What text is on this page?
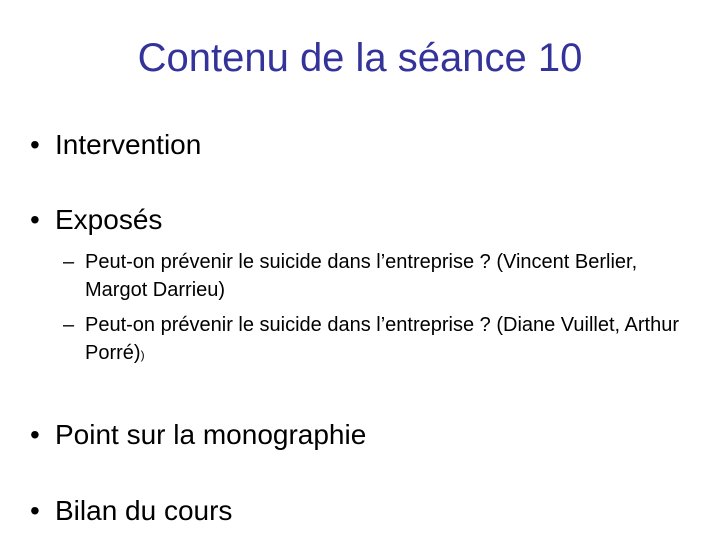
Contenu de la séance 10
• Intervention
• Exposés
– Peut-on prévenir le suicide dans l’entreprise ? (Vincent Berlier, Margot Darrieu)
– Peut-on prévenir le suicide dans l’entreprise ? (Diane Vuillet, Arthur Porré))
• Point sur la monographie
• Bilan du cours
